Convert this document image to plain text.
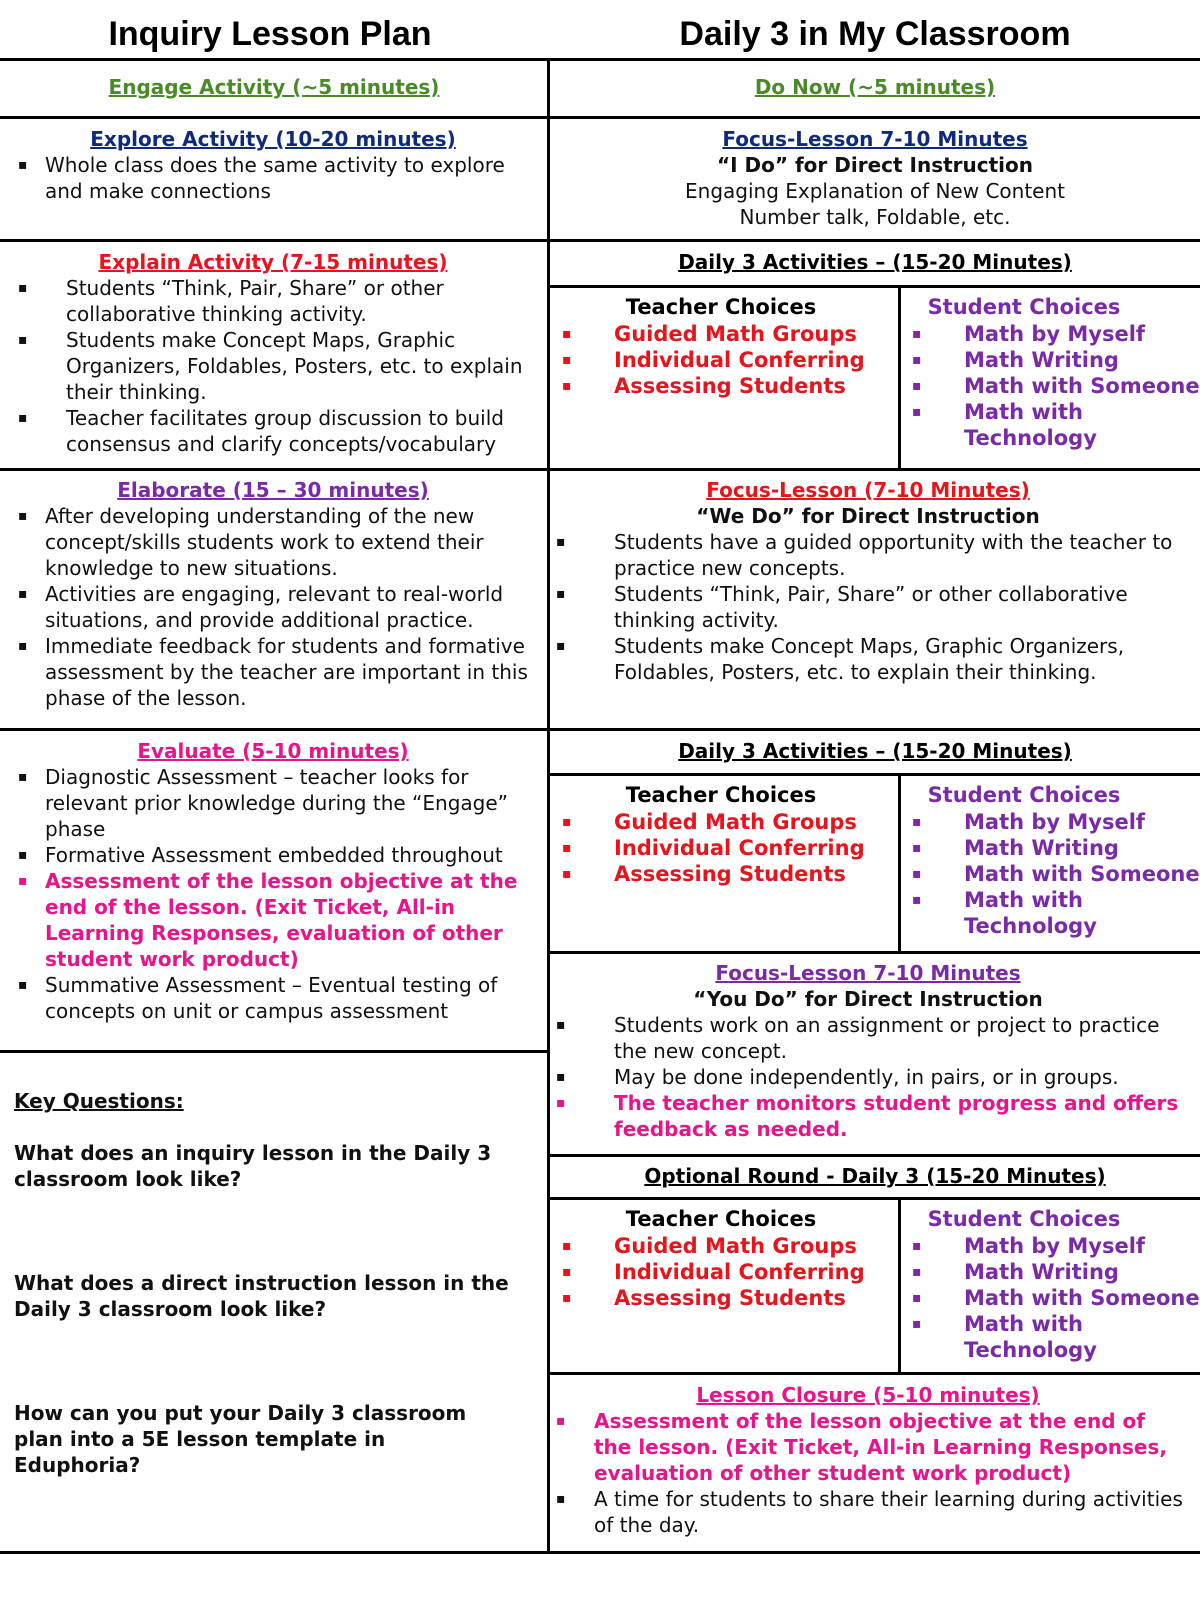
Inquiry Lesson Plan	Daily 3 in My Classroom

Engage Activity (~5 minutes)

Explore Activity (10-20 minutes)

▪ Whole class does the same activity to explore and make connections

Explain Activity (7-15 minutes)

▪ Students “Think, Pair, Share” or other collaborative thinking activity.
▪ Students make Concept Maps, Graphic Organizers, Foldables, Posters, etc. to explain their thinking.
▪ Teacher facilitates group discussion to build consensus and clarify concepts/vocabulary

Elaborate (15 – 30 minutes)

▪ After developing understanding of the new concept/skills students work to extend their knowledge to new situations.
▪ Activities are engaging, relevant to real-world situations, and provide additional practice.
▪ Immediate feedback for students and formative assessment by the teacher are important in this phase of the lesson.

Evaluate (5-10 minutes)

▪ Diagnostic Assessment – teacher looks for relevant prior knowledge during the “Engage” phase
▪ Formative Assessment embedded throughout
▪ Assessment of the lesson objective at the end of the lesson. (Exit Ticket, All-in Learning Responses, evaluation of other student work product)
▪ Summative Assessment – Eventual testing of concepts on unit or campus assessment

Key Questions:

What does an inquiry lesson in the Daily 3 classroom look like?

What does a direct instruction lesson in the Daily 3 classroom look like?

How can you put your Daily 3 classroom plan into a 5E lesson template in Eduphoria?

Do Now (~5 minutes)

Focus-Lesson 7-10 Minutes

“I Do” for Direct Instruction

Engaging Explanation of New Content

Number talk, Foldable, etc.

Daily 3 Activities – (15-20 Minutes)

Teacher Choices

▪ Guided Math Groups
▪ Individual Conferring
▪ Assessing Students

Student Choices

▪ Math by Myself
▪ Math Writing
▪ Math with Someone
▪ Math with Technology

Focus-Lesson (7-10 Minutes)

“We Do” for Direct Instruction

▪ Students have a guided opportunity with the teacher to practice new concepts.
▪ Students “Think, Pair, Share” or other collaborative thinking activity.
▪ Students make Concept Maps, Graphic Organizers, Foldables, Posters, etc. to explain their thinking.

Daily 3 Activities – (15-20 Minutes)

Teacher Choices

▪ Guided Math Groups
▪ Individual Conferring
▪ Assessing Students

Student Choices

▪ Math by Myself
▪ Math Writing
▪ Math with Someone
▪ Math with Technology

Focus-Lesson 7-10 Minutes

“You Do” for Direct Instruction

▪ Students work on an assignment or project to practice the new concept.
▪ May be done independently, in pairs, or in groups.
▪ The teacher monitors student progress and offers feedback as needed.

Optional Round - Daily 3 (15-20 Minutes)

Teacher Choices

▪ Guided Math Groups
▪ Individual Conferring
▪ Assessing Students

Student Choices

▪ Math by Myself
▪ Math Writing
▪ Math with Someone
▪ Math with Technology

Lesson Closure (5-10 minutes)

▪ Assessment of the lesson objective at the end of the lesson. (Exit Ticket, All-in Learning Responses, evaluation of other student work product)
▪ A time for students to share their learning during activities of the day.
